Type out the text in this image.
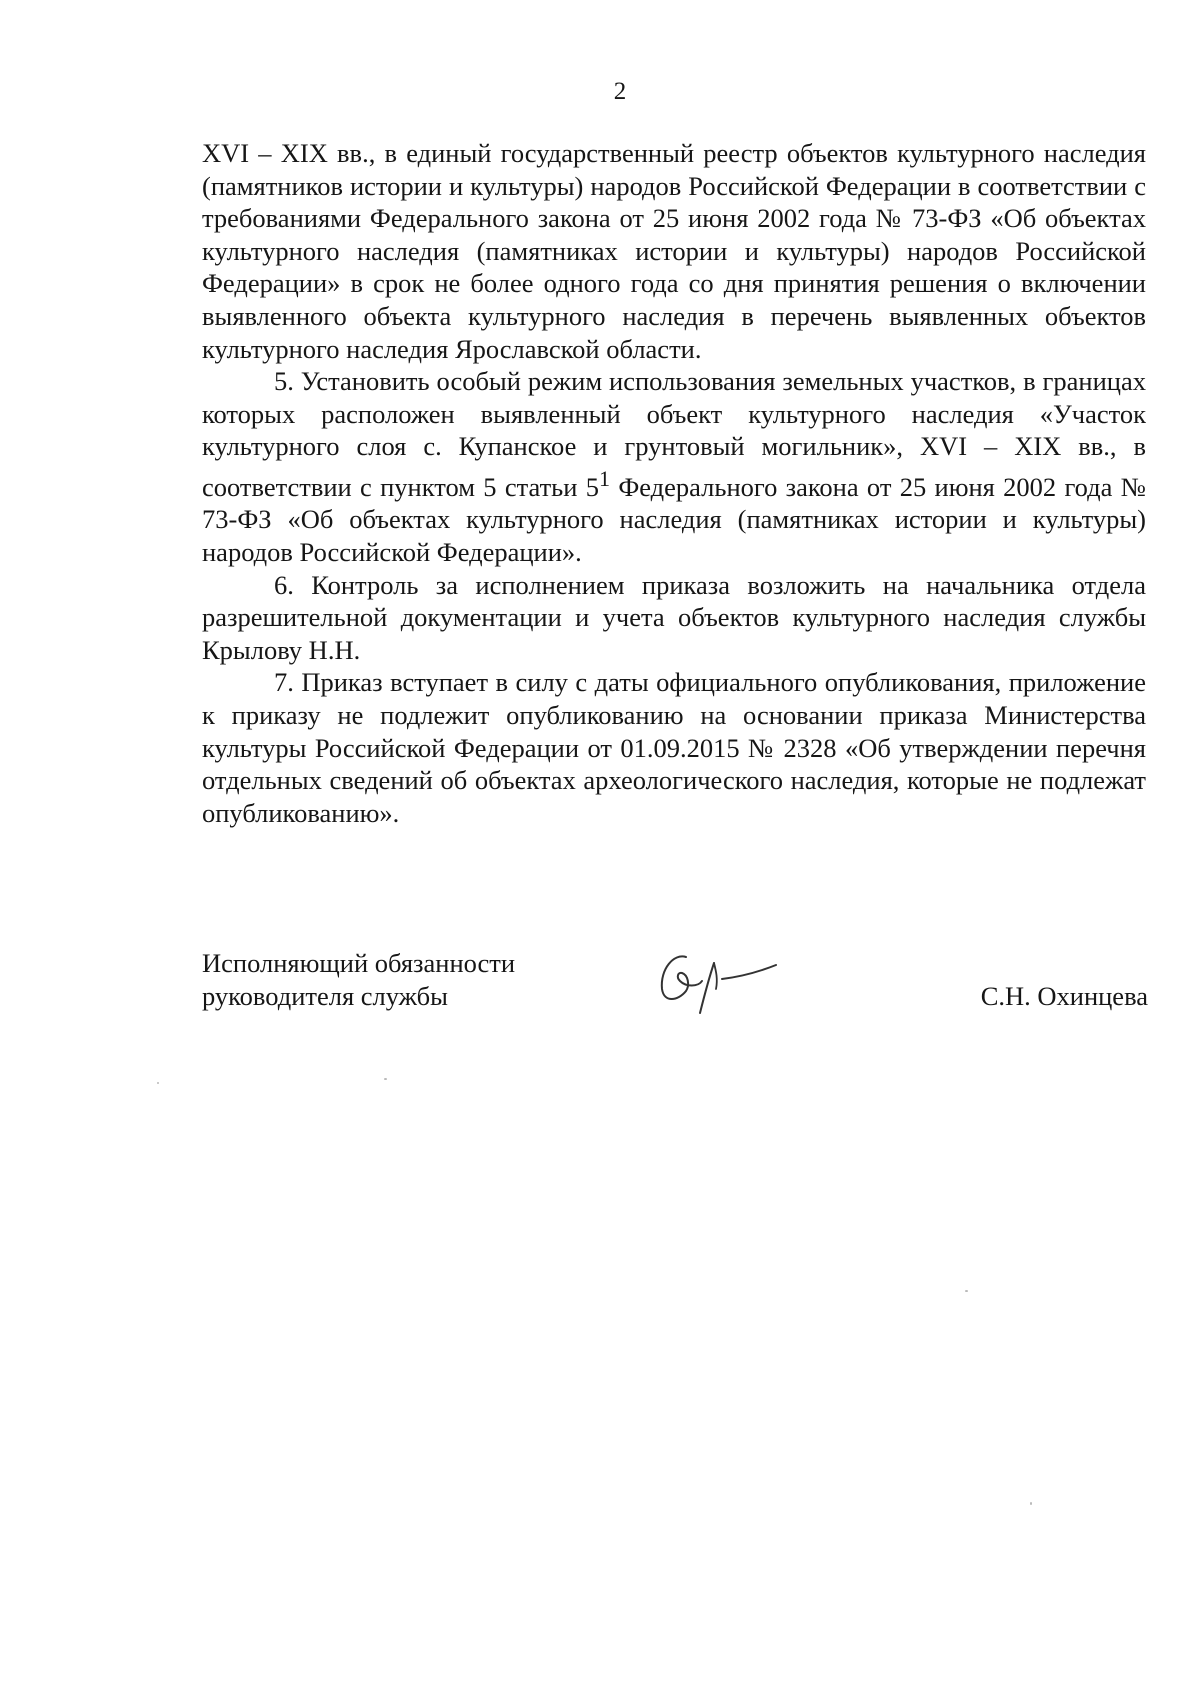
2

XVI – XIX вв., в единый государственный реестр объектов культурного наследия (памятников истории и культуры) народов Российской Федерации в соответствии с требованиями Федерального закона от 25 июня 2002 года № 73-ФЗ «Об объектах культурного наследия (памятниках истории и культуры) народов Российской Федерации» в срок не более одного года со дня принятия решения о включении выявленного объекта культурного наследия в перечень выявленных объектов культурного наследия Ярославской области.

5. Установить особый режим использования земельных участков, в границах которых расположен выявленный объект культурного наследия «Участок культурного слоя с. Купанское и грунтовый могильник», XVI – XIX вв., в соответствии с пунктом 5 статьи $5^1$ Федерального закона от 25 июня 2002 года № 73-ФЗ «Об объектах культурного наследия (памятниках истории и культуры) народов Российской Федерации».

6. Контроль за исполнением приказа возложить на начальника отдела разрешительной документации и учета объектов культурного наследия службы Крылову Н.Н.

7. Приказ вступает в силу с даты официального опубликования, приложение к приказу не подлежит опубликованию на основании приказа Министерства культуры Российской Федерации от 01.09.2015 № 2328 «Об утверждении перечня отдельных сведений об объектах археологического наследия, которые не подлежат опубликованию».

Исполняющий обязанности
руководителя службы	С.Н. Охинцева
